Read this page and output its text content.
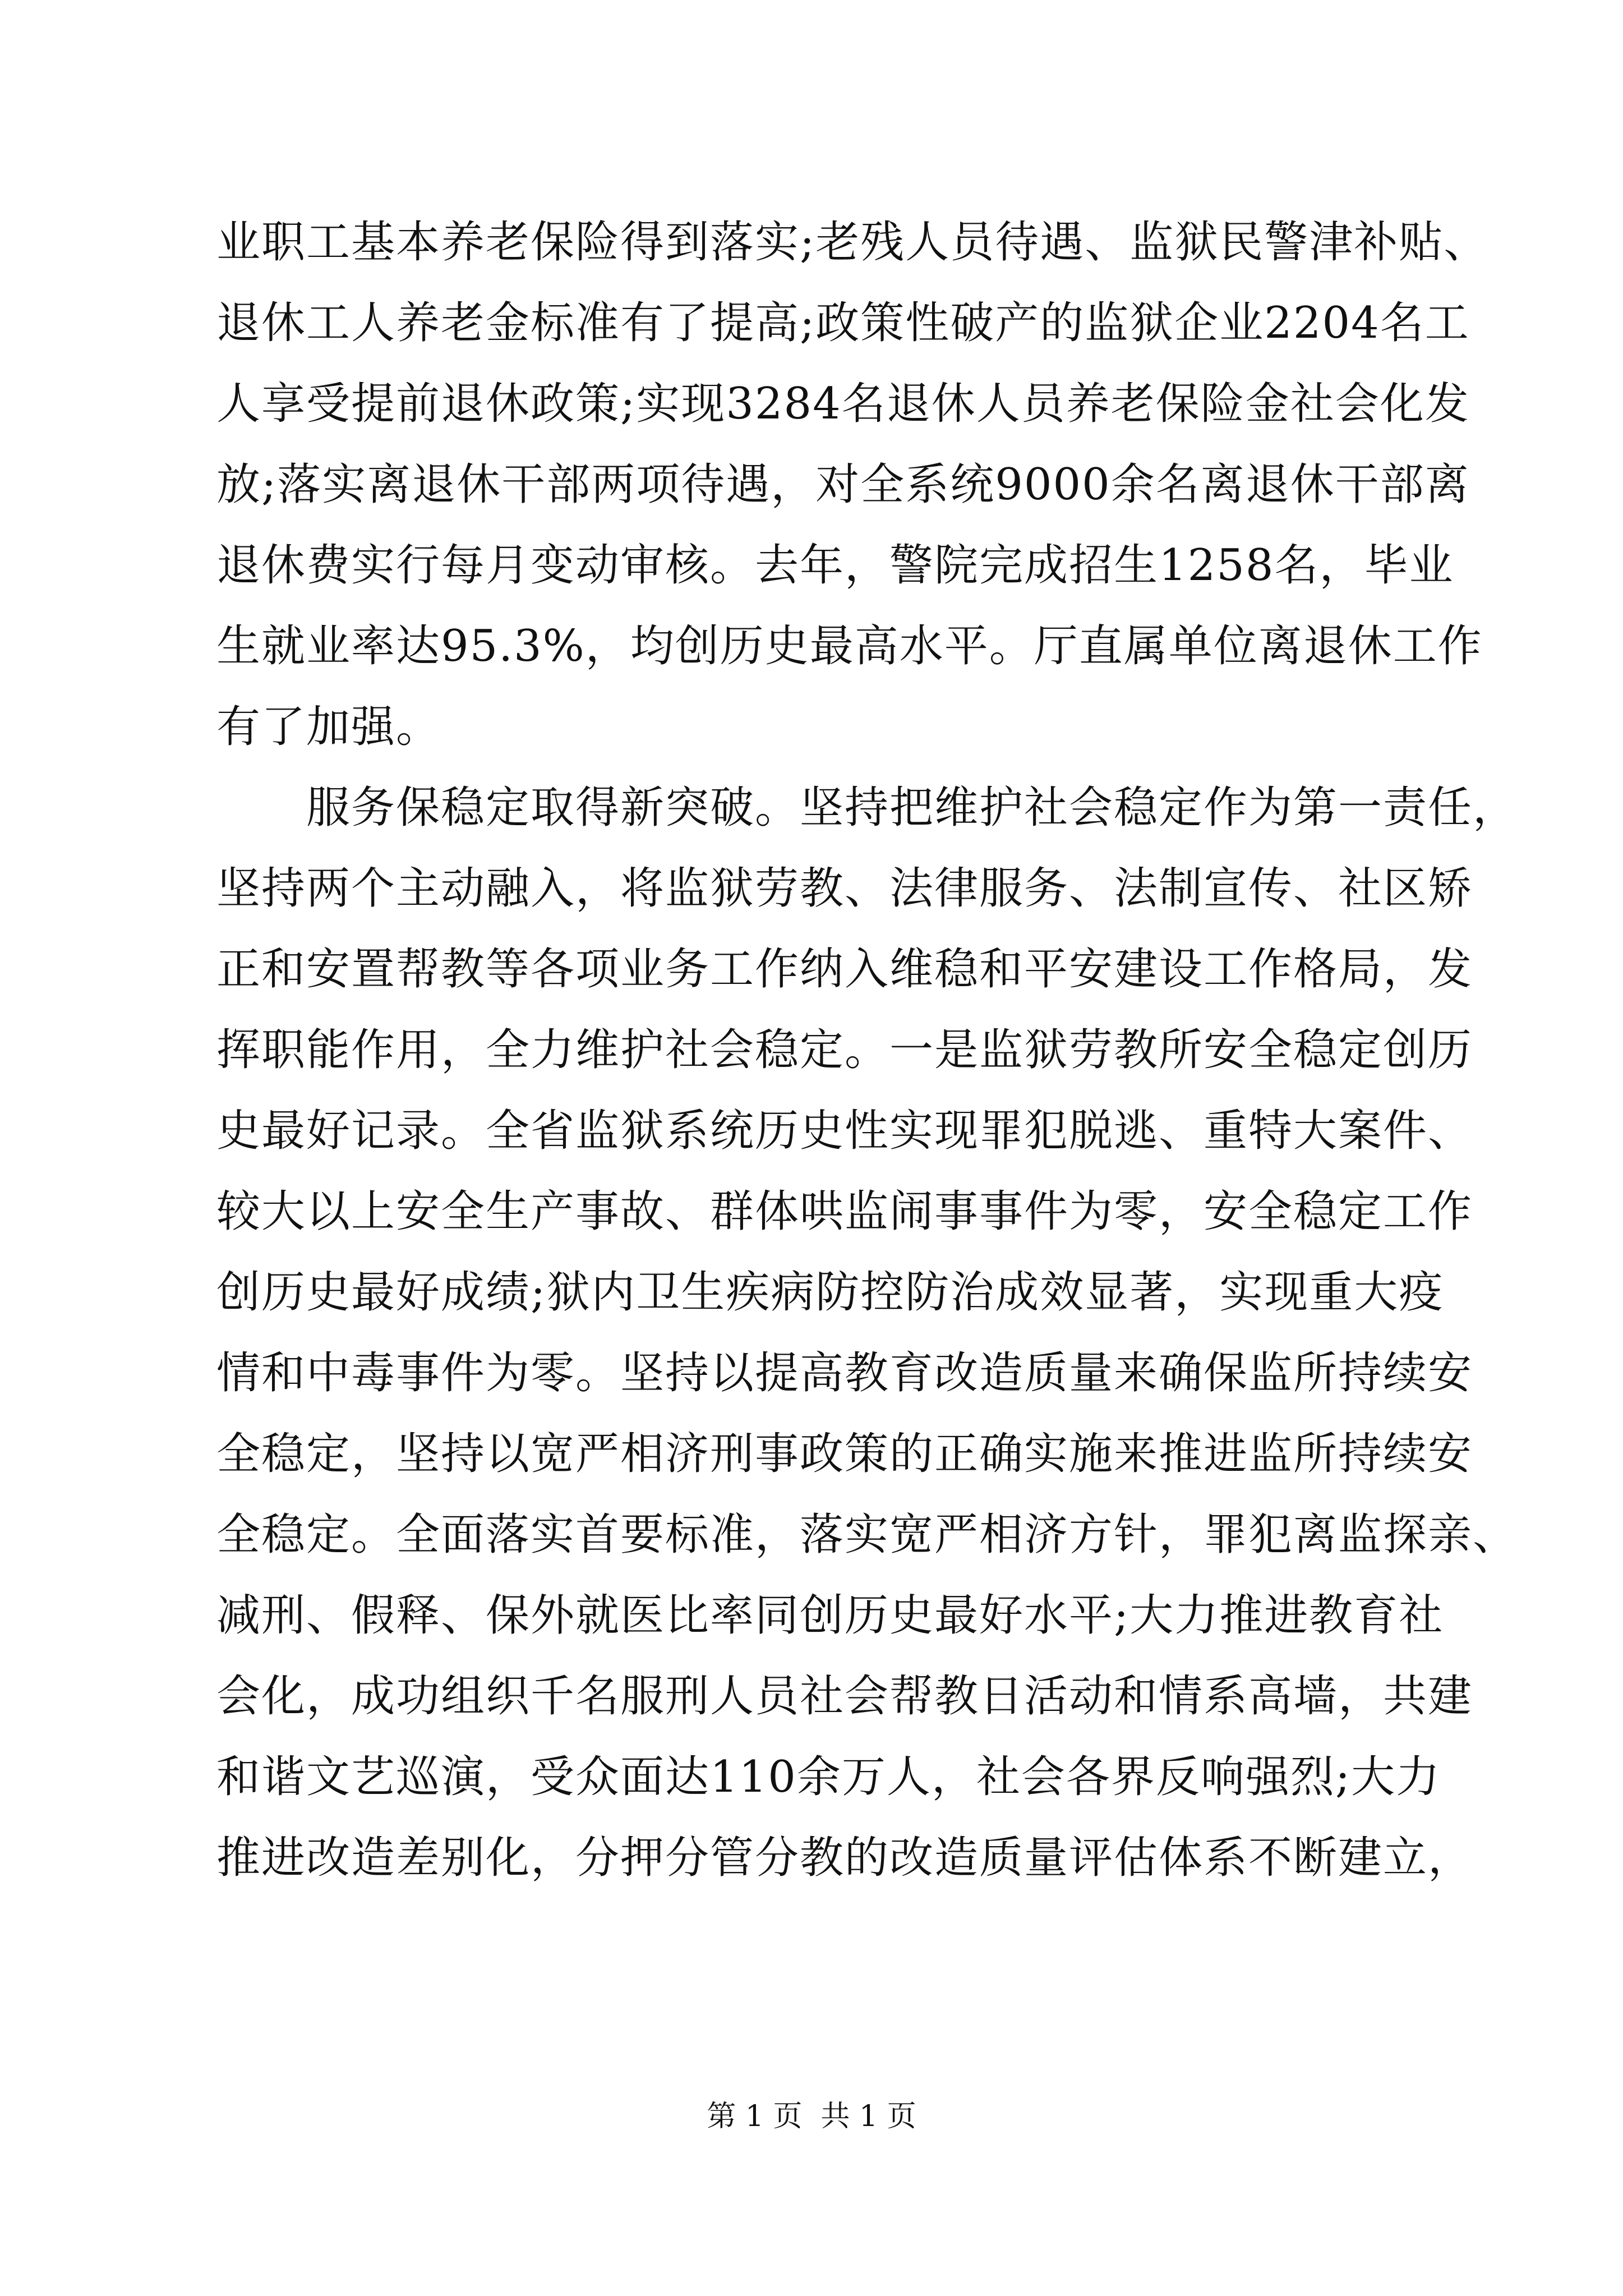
业职工基本养老保险得到落实;老残人员待遇、监狱民警津补贴、
退休工人养老金标准有了提高;政策性破产的监狱企业2204名工
人享受提前退休政策;实现3284名退休人员养老保险金社会化发
放;落实离退休干部两项待遇，对全系统9000余名离退休干部离
退休费实行每月变动审核。去年，警院完成招生1258名，毕业
生就业率达95.3%，均创历史最高水平。厅直属单位离退休工作
有了加强。
服务保稳定取得新突破。坚持把维护社会稳定作为第一责任，
坚持两个主动融入，将监狱劳教、法律服务、法制宣传、社区矫
正和安置帮教等各项业务工作纳入维稳和平安建设工作格局，发
挥职能作用，全力维护社会稳定。一是监狱劳教所安全稳定创历
史最好记录。全省监狱系统历史性实现罪犯脱逃、重特大案件、
较大以上安全生产事故、群体哄监闹事事件为零，安全稳定工作
创历史最好成绩;狱内卫生疾病防控防治成效显著，实现重大疫
情和中毒事件为零。坚持以提高教育改造质量来确保监所持续安
全稳定，坚持以宽严相济刑事政策的正确实施来推进监所持续安
全稳定。全面落实首要标准，落实宽严相济方针，罪犯离监探亲、
减刑、假释、保外就医比率同创历史最好水平;大力推进教育社
会化，成功组织千名服刑人员社会帮教日活动和情系高墙，共建
和谐文艺巡演，受众面达110余万人，社会各界反响强烈;大力
推进改造差别化，分押分管分教的改造质量评估体系不断建立，
第 1 页  共 1 页
